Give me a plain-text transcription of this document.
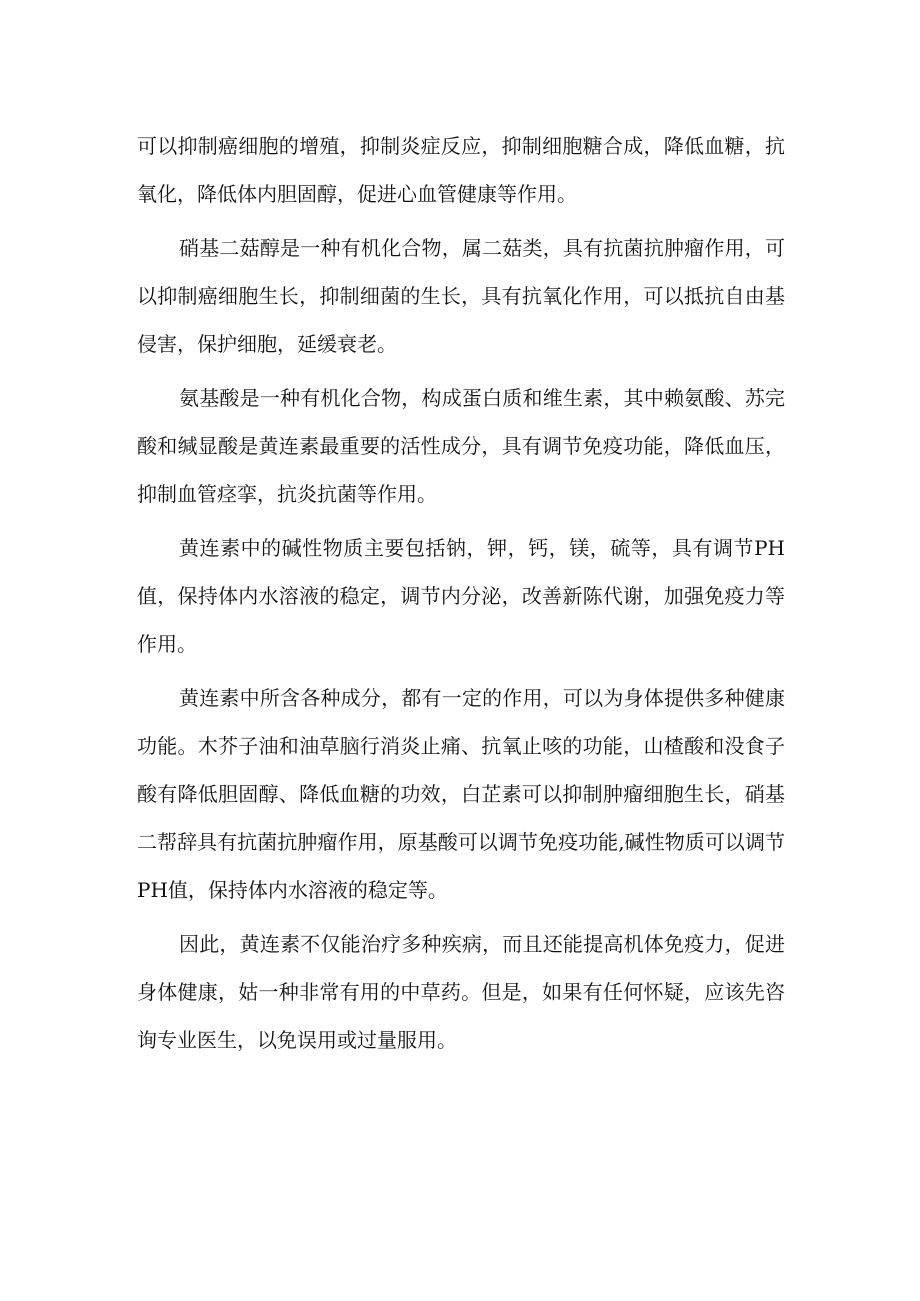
可以抑制癌细胞的增殖，抑制炎症反应，抑制细胞糖合成，降低血糖，抗氧化，降低体内胆固醇，促进心血管健康等作用。

硝基二菇醇是一种有机化合物，属二菇类，具有抗菌抗肿瘤作用，可以抑制癌细胞生长，抑制细菌的生长，具有抗氧化作用，可以抵抗自由基侵害，保护细胞，延缓衰老。

氨基酸是一种有机化合物，构成蛋白质和维生素，其中赖氨酸、苏完酸和缄显酸是黄连素最重要的活性成分，具有调节免疫功能，降低血压，抑制血管痉挛，抗炎抗菌等作用。

黄连素中的碱性物质主要包括钠，钾，钙，镁，硫等，具有调节PH值，保持体内水溶液的稳定，调节内分泌，改善新陈代谢，加强免疫力等作用。

黄连素中所含各种成分，都有一定的作用，可以为身体提供多种健康功能。木芥子油和油草脑行消炎止痛、抗氧止咳的功能，山楂酸和没食子酸有降低胆固醇、降低血糖的功效，白芷素可以抑制肿瘤细胞生长，硝基二帮辞具有抗菌抗肿瘤作用，原基酸可以调节免疫功能,碱性物质可以调节PH值，保持体内水溶液的稳定等。

因此，黄连素不仅能治疗多种疾病，而且还能提高机体免疫力，促进身体健康，姑一种非常有用的中草药。但是，如果有任何怀疑，应该先咨询专业医生，以免误用或过量服用。
